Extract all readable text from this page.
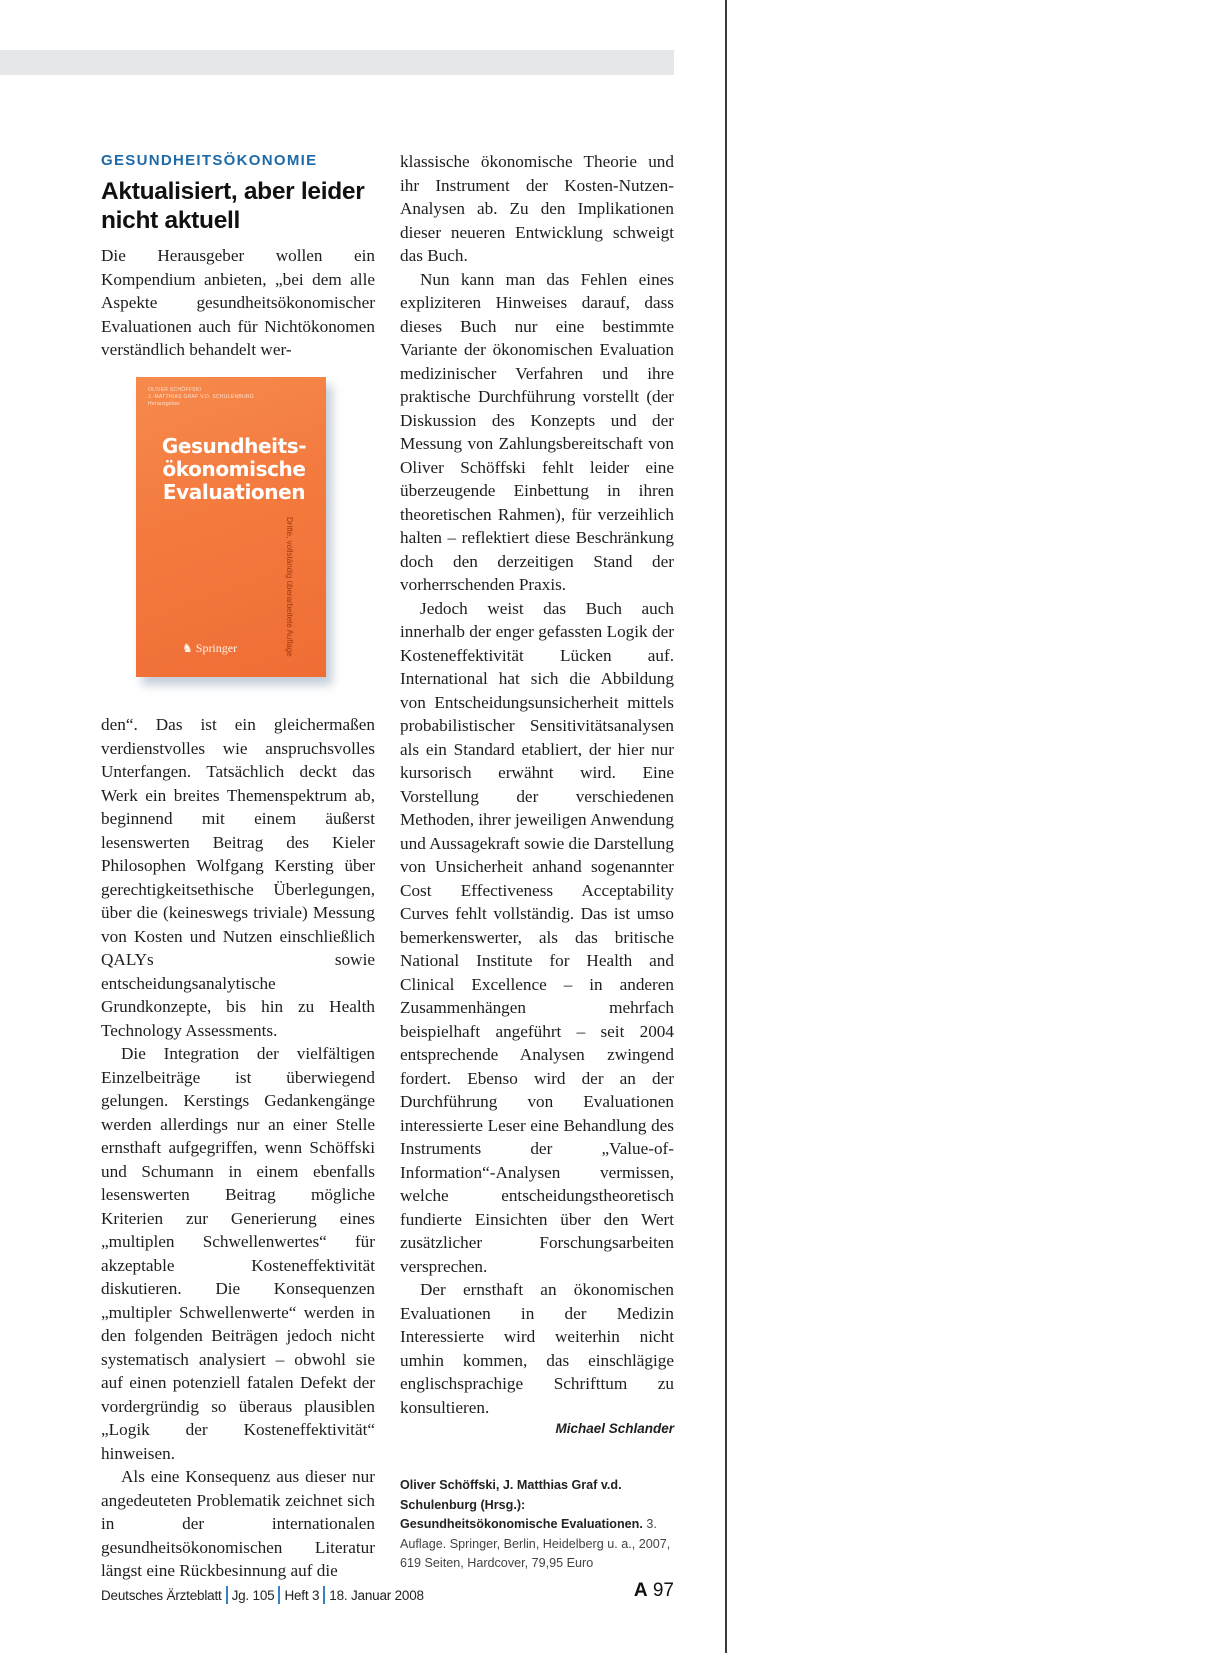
GESUNDHEITSÖKONOMIE
Aktualisiert, aber leider nicht aktuell

Die Herausgeber wollen ein Kompendium anbieten, „bei dem alle Aspekte gesundheitsökonomischer Evaluationen auch für Nichtökonomen verständlich behandelt wer-

OLIVER SCHÖFFSKI
J.-MATTHIAS GRAF V.D. SCHULENBURG
Herausgeber
Gesundheits-
ökonomische
Evaluationen
Dritte, vollständig überarbeitete Auflage
♞ Springer

den“. Das ist ein gleichermaßen verdienstvolles wie anspruchsvolles Unterfangen. Tatsächlich deckt das Werk ein breites Themenspektrum ab, beginnend mit einem äußerst lesenswerten Beitrag des Kieler Philosophen Wolfgang Kersting über gerechtigkeitsethische Überlegungen, über die (keineswegs triviale) Messung von Kosten und Nutzen einschließlich QALYs sowie entscheidungsanalytische Grundkonzepte, bis hin zu Health Technology Assessments.

Die Integration der vielfältigen Einzelbeiträge ist überwiegend gelungen. Kerstings Gedankengänge werden allerdings nur an einer Stelle ernsthaft aufgegriffen, wenn Schöffski und Schumann in einem ebenfalls lesenswerten Beitrag mögliche Kriterien zur Generierung eines „multiplen Schwellenwertes“ für akzeptable Kosteneffektivität diskutieren. Die Konsequenzen „multipler Schwellenwerte“ werden in den folgenden Beiträgen jedoch nicht systematisch analysiert – obwohl sie auf einen potenziell fatalen Defekt der vordergründig so überaus plausiblen „Logik der Kosteneffektivität“ hinweisen.

Als eine Konsequenz aus dieser nur angedeuteten Problematik zeichnet sich in der internationalen gesundheitsökonomischen Literatur längst eine Rückbesinnung auf die

klassische ökonomische Theorie und ihr Instrument der Kosten-Nutzen-Analysen ab. Zu den Implikationen dieser neueren Entwicklung schweigt das Buch.

Nun kann man das Fehlen eines expliziteren Hinweises darauf, dass dieses Buch nur eine bestimmte Variante der ökonomischen Evaluation medizinischer Verfahren und ihre praktische Durchführung vorstellt (der Diskussion des Konzepts und der Messung von Zahlungsbereitschaft von Oliver Schöffski fehlt leider eine überzeugende Einbettung in ihren theoretischen Rahmen), für verzeihlich halten – reflektiert diese Beschränkung doch den derzeitigen Stand der vorherrschenden Praxis.

Jedoch weist das Buch auch innerhalb der enger gefassten Logik der Kosteneffektivität Lücken auf. International hat sich die Abbildung von Entscheidungsunsicherheit mittels probabilistischer Sensitivitätsanalysen als ein Standard etabliert, der hier nur kursorisch erwähnt wird. Eine Vorstellung der verschiedenen Methoden, ihrer jeweiligen Anwendung und Aussagekraft sowie die Darstellung von Unsicherheit anhand sogenannter Cost Effectiveness Acceptability Curves fehlt vollständig. Das ist umso bemerkenswerter, als das britische National Institute for Health and Clinical Excellence – in anderen Zusammenhängen mehrfach beispielhaft angeführt – seit 2004 entsprechende Analysen zwingend fordert. Ebenso wird der an der Durchführung von Evaluationen interessierte Leser eine Behandlung des Instruments der „Value-of-Information“-Analysen vermissen, welche entscheidungstheoretisch fundierte Einsichten über den Wert zusätzlicher Forschungsarbeiten versprechen.

Der ernsthaft an ökonomischen Evaluationen in der Medizin Interessierte wird weiterhin nicht umhin kommen, das einschlägige englischsprachige Schrifttum zu konsultieren.

Michael Schlander
Oliver Schöffski, J. Matthias Graf v.d. Schulenburg (Hrsg.): Gesundheitsökonomische Evaluationen. 3. Auflage. Springer, Berlin, Heidelberg u. a., 2007, 619 Seiten, Hardcover, 79,95 Euro
Deutsches Ärzteblatt Jg. 105 Heft 3 18. Januar 2008	A 97
